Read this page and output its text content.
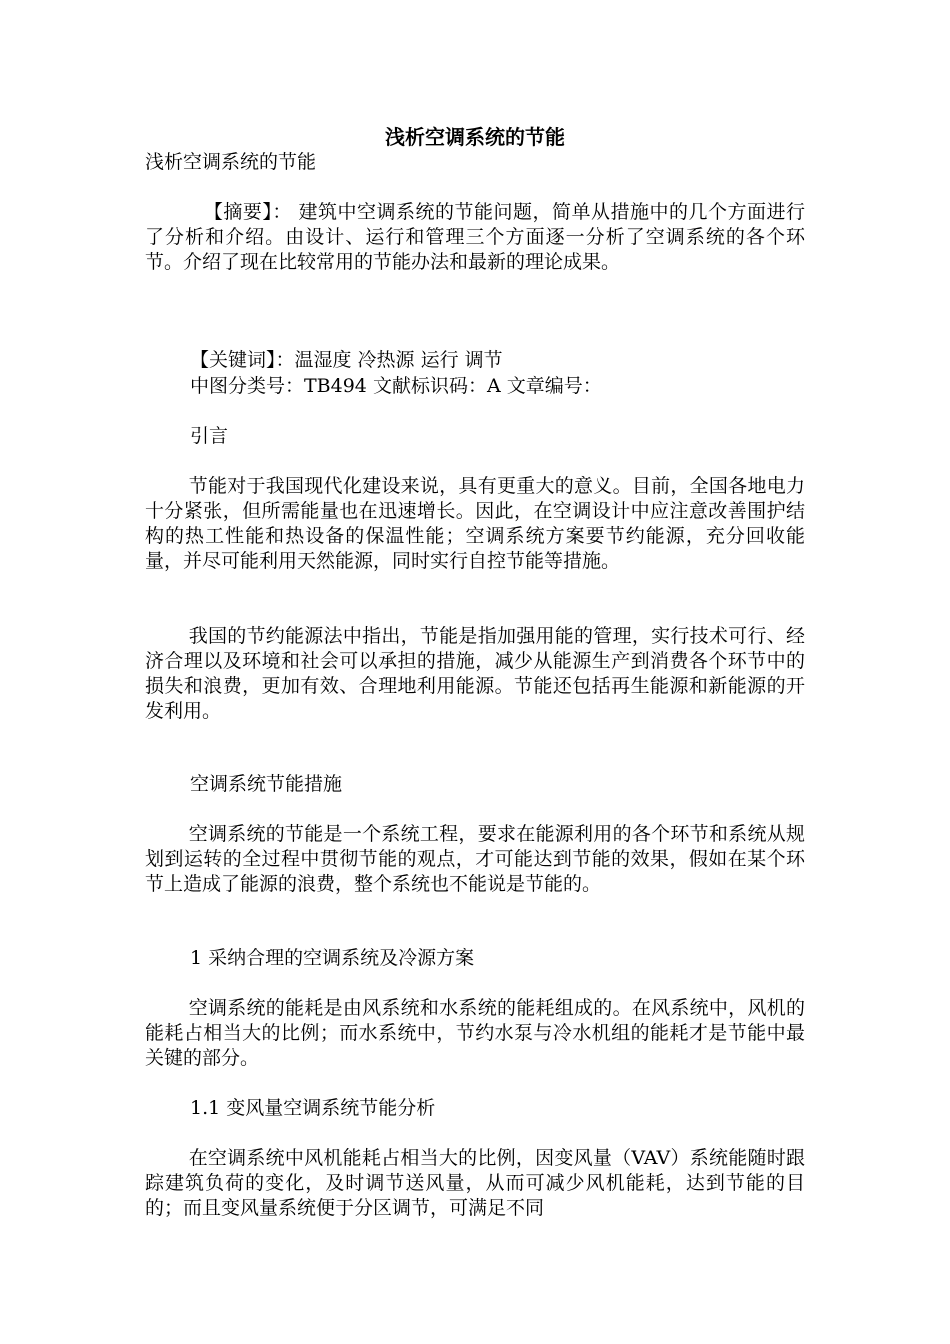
浅析空调系统的节能

浅析空调系统的节能

【摘要】： 建筑中空调系统的节能问题，简单从措施中的几个方面进行了分析和介绍。由设计、运行和管理三个方面逐一分析了空调系统的各个环节。介绍了现在比较常用的节能办法和最新的理论成果。

【关键词】：温湿度 冷热源 运行 调节

中图分类号：TB494 文献标识码：A 文章编号：

引言

节能对于我国现代化建设来说，具有更重大的意义。目前，全国各地电力十分紧张，但所需能量也在迅速增长。因此，在空调设计中应注意改善围护结构的热工性能和热设备的保温性能；空调系统方案要节约能源，充分回收能量，并尽可能利用天然能源，同时实行自控节能等措施。

我国的节约能源法中指出，节能是指加强用能的管理，实行技术可行、经济合理以及环境和社会可以承担的措施，减少从能源生产到消费各个环节中的损失和浪费，更加有效、合理地利用能源。节能还包括再生能源和新能源的开发利用。

空调系统节能措施

空调系统的节能是一个系统工程，要求在能源利用的各个环节和系统从规划到运转的全过程中贯彻节能的观点，才可能达到节能的效果，假如在某个环节上造成了能源的浪费，整个系统也不能说是节能的。

1 采纳合理的空调系统及冷源方案

空调系统的能耗是由风系统和水系统的能耗组成的。在风系统中，风机的能耗占相当大的比例；而水系统中，节约水泵与冷水机组的能耗才是节能中最关键的部分。

1.1 变风量空调系统节能分析

在空调系统中风机能耗占相当大的比例，因变风量（VAV）系统能随时跟踪建筑负荷的变化，及时调节送风量，从而可减少风机能耗，达到节能的目的；而且变风量系统便于分区调节，可满足不同
